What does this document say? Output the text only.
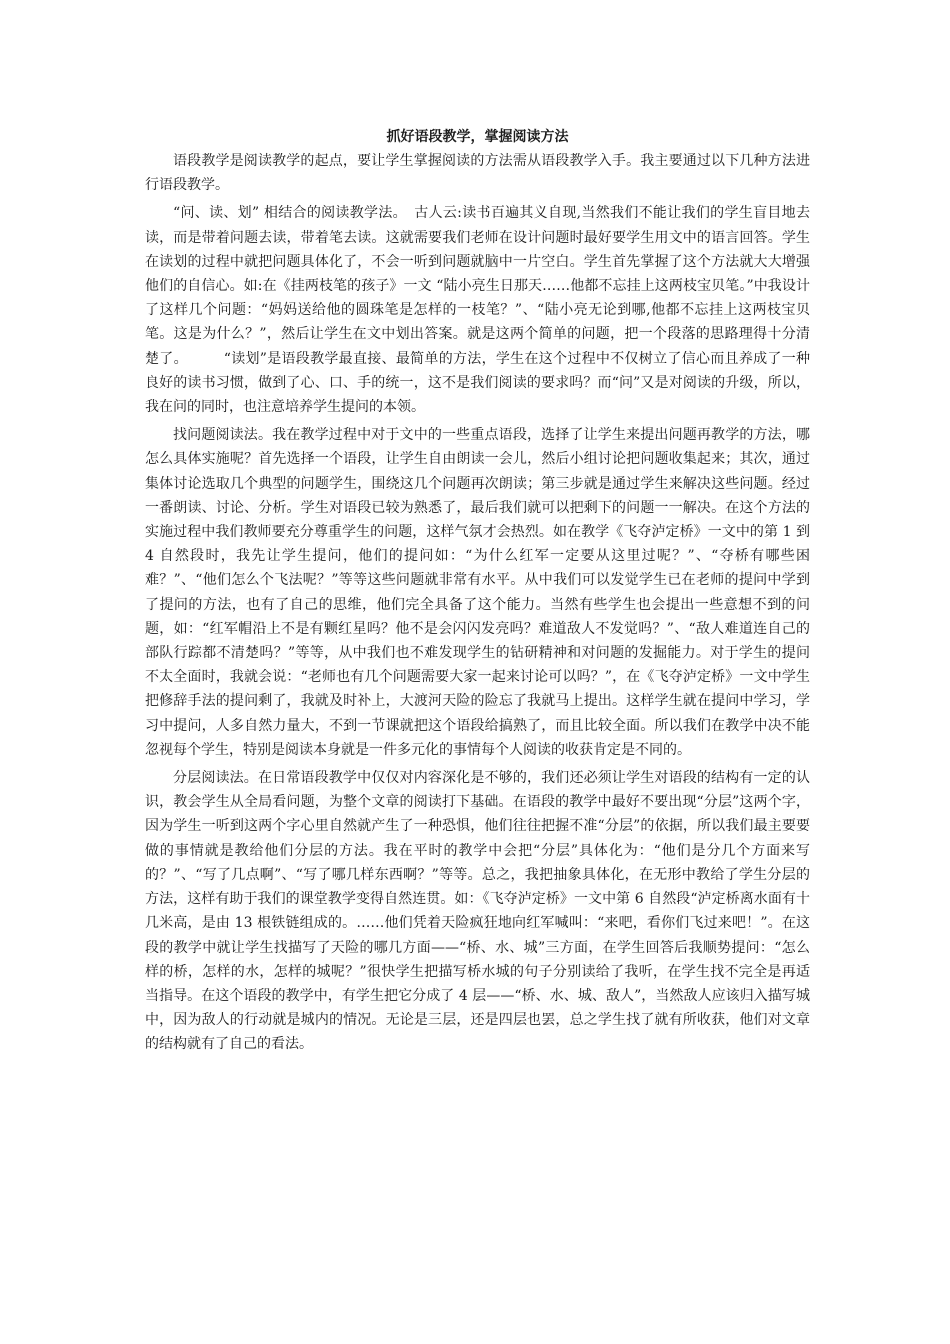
抓好语段教学，掌握阅读方法

语段教学是阅读教学的起点，要让学生掌握阅读的方法需从语段教学入手。我主要通过以下几种方法进行语段教学。

“问、读、划” 相结合的阅读教学法。　古人云:读书百遍其义自现,当然我们不能让我们的学生盲目地去读，而是带着问题去读，带着笔去读。这就需要我们老师在设计问题时最好要学生用文中的语言回答。学生在读划的过程中就把问题具体化了，不会一听到问题就脑中一片空白。学生首先掌握了这个方法就大大增强他们的自信心。如:在《挂两枝笔的孩子》一文 “陆小亮生日那天……他都不忘挂上这两枝宝贝笔。”中我设计了这样几个问题：“妈妈送给他的圆珠笔是怎样的一枝笔？”、“陆小亮无论到哪,他都不忘挂上这两枝宝贝笔。这是为什么？”，然后让学生在文中划出答案。就是这两个简单的问题，把一个段落的思路理得十分清楚了。　　　“读划”是语段教学最直接、最简单的方法，学生在这个过程中不仅树立了信心而且养成了一种良好的读书习惯，做到了心、口、手的统一，这不是我们阅读的要求吗？而“问”又是对阅读的升级，所以，我在问的同时，也注意培养学生提问的本领。

找问题阅读法。我在教学过程中对于文中的一些重点语段，选择了让学生来提出问题再教学的方法，哪怎么具体实施呢？首先选择一个语段，让学生自由朗读一会儿，然后小组讨论把问题收集起来；其次，通过集体讨论选取几个典型的问题学生，围绕这几个问题再次朗读；第三步就是通过学生来解决这些问题。经过一番朗读、讨论、分析。学生对语段已较为熟悉了，最后我们就可以把剩下的问题一一解决。在这个方法的实施过程中我们教师要充分尊重学生的问题，这样气氛才会热烈。如在教学《飞夺泸定桥》一文中的第 1 到 4 自然段时，我先让学生提问，他们的提问如：“为什么红军一定要从这里过呢？”、“夺桥有哪些困难？”、“他们怎么个飞法呢？”等等这些问题就非常有水平。从中我们可以发觉学生已在老师的提问中学到了提问的方法，也有了自己的思维，他们完全具备了这个能力。当然有些学生也会提出一些意想不到的问题，如：“红军帽沿上不是有颗红星吗？他不是会闪闪发亮吗？难道敌人不发觉吗？”、“敌人难道连自己的部队行踪都不清楚吗？”等等，从中我们也不难发现学生的钻研精神和对问题的发掘能力。对于学生的提问不太全面时，我就会说：“老师也有几个问题需要大家一起来讨论可以吗？”，在《飞夺泸定桥》一文中学生把修辞手法的提问剩了，我就及时补上，大渡河天险的险忘了我就马上提出。这样学生就在提问中学习，学习中提问，人多自然力量大，不到一节课就把这个语段给搞熟了，而且比较全面。所以我们在教学中决不能忽视每个学生，特别是阅读本身就是一件多元化的事情每个人阅读的收获肯定是不同的。

分层阅读法。在日常语段教学中仅仅对内容深化是不够的，我们还必须让学生对语段的结构有一定的认识，教会学生从全局看问题，为整个文章的阅读打下基础。在语段的教学中最好不要出现“分层”这两个字，因为学生一听到这两个字心里自然就产生了一种恐惧，他们往往把握不准“分层”的依据，所以我们最主要要做的事情就是教给他们分层的方法。我在平时的教学中会把“分层”具体化为：“他们是分几个方面来写的？”、“写了几点啊”、“写了哪几样东西啊？”等等。总之，我把抽象具体化，在无形中教给了学生分层的方法，这样有助于我们的课堂教学变得自然连贯。如：《飞夺泸定桥》一文中第 6 自然段“泸定桥离水面有十几米高，是由 13 根铁链组成的。……他们凭着天险疯狂地向红军喊叫：“来吧，看你们飞过来吧！”。在这段的教学中就让学生找描写了天险的哪几方面——“桥、水、城”三方面，在学生回答后我顺势提问：“怎么样的桥，怎样的水，怎样的城呢？”很快学生把描写桥水城的句子分别读给了我听，在学生找不完全是再适当指导。在这个语段的教学中，有学生把它分成了 4 层——“桥、水、城、敌人”，当然敌人应该归入描写城中，因为敌人的行动就是城内的情况。无论是三层，还是四层也罢，总之学生找了就有所收获，他们对文章的结构就有了自己的看法。
